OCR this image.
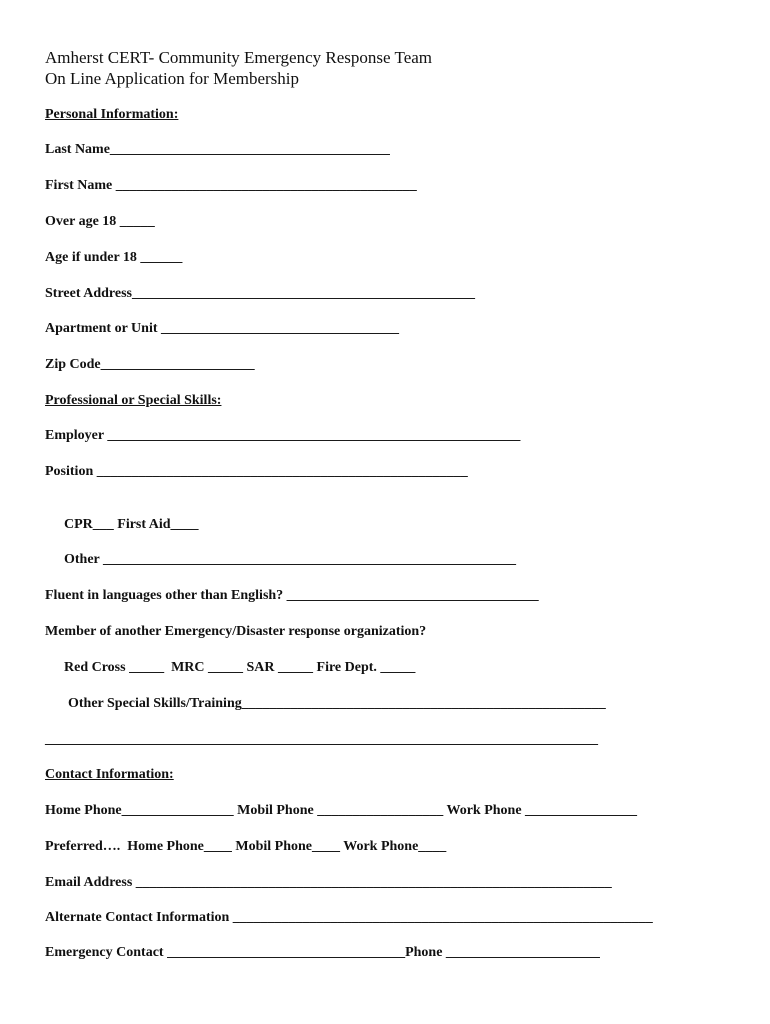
Amherst CERT- Community Emergency Response Team
On Line Application for Membership
Personal Information:
Last Name________________________________________
First Name ___________________________________________
Over age 18 _____
Age if under 18 ______
Street Address_________________________________________________
Apartment or Unit __________________________________
Zip Code______________________
Professional or Special Skills:
Employer ___________________________________________________________
Position _____________________________________________________
CPR___ First Aid____
Other ___________________________________________________________
Fluent in languages other than English? ____________________________________
Member of another Emergency/Disaster response organization?
Red Cross _____  MRC _____ SAR _____ Fire Dept. _____
Other Special Skills/Training____________________________________________________
_______________________________________________________________________________
Contact Information:
Home Phone________________ Mobil Phone __________________ Work Phone ________________
Preferred….  Home Phone____ Mobil Phone____ Work Phone____
Email Address ____________________________________________________________________
Alternate Contact Information ____________________________________________________________
Emergency Contact __________________________________Phone ______________________
